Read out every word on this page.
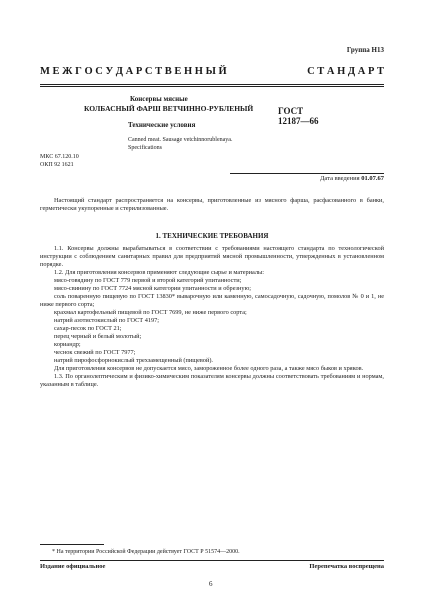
Группа Н13
М Е Ж Г О С У Д А Р С Т В Е Н Н Ы Й	С Т А Н Д А Р Т
Консервы мясные
КОЛБАСНЫЙ ФАРШ ВЕТЧИННО-РУБЛЕНЫЙ
Технические условия
Canned meat. Sausage vetchinnorublenaya.
Specifications
ГОСТ
12187—66
МКС 67.120.10
ОКП 92 1621
Дата введения 01.07.67

Настоящий стандарт распространяется на консервы, приготовленные из мясного фарша, расфасованного в банки, герметически укупоренные и стерилизованные.

1. ТЕХНИЧЕСКИЕ ТРЕБОВАНИЯ

1.1. Консервы должны вырабатываться в соответствии с требованиями настоящего стандарта по технологической инструкции с соблюдением санитарных правил для предприятий мясной промышленности, утвержденных в установленном порядке.

1.2. Для приготовления консервов применяют следующие сырье и материалы:

мясо-говядину по ГОСТ 779 первой и второй категорий упитанности;

мясо-свинину по ГОСТ 7724 мясной категории упитанности и обрезную;

соль поваренную пищевую по ГОСТ 13830* выварочную или каменную, самосадочную, садочную, помолов № 0 и 1, не ниже первого сорта;

крахмал картофельный пищевой по ГОСТ 7699, не ниже первого сорта;

натрий азотистокислый по ГОСТ 4197;

сахар-песок по ГОСТ 21;

перец черный и белый молотый;

кориандр;

чеснок свежий по ГОСТ 7977;

натрий пирофосфорнокислый трехзамещенный (пищевой).

Для приготовления консервов не допускается мясо, замороженное более одного раза, а также мясо быков и хряков.

1.3. По органолептическим и физико-химическим показателям консервы должны соответствовать требованиям и нормам, указанным в таблице.

* На территории Российской Федерации действует ГОСТ Р 51574—2000.
Издание официальное	Перепечатка воспрещена
6
